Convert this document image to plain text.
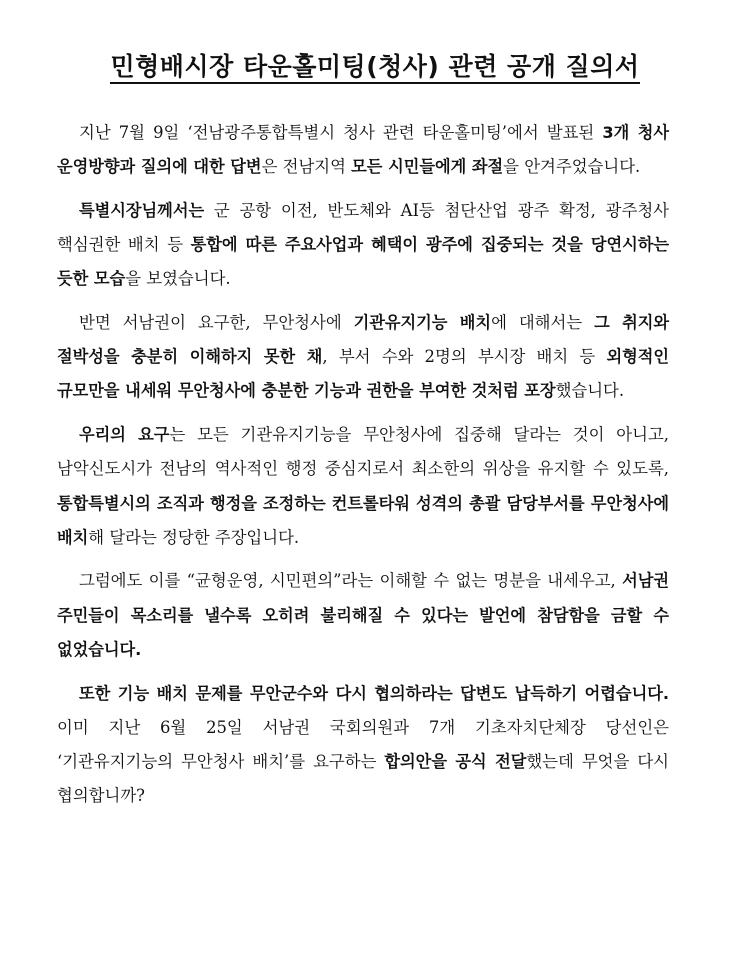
민형배시장 타운홀미팅(청사) 관련 공개 질의서

지난 7월 9일 ‘전남광주통합특별시 청사 관련 타운홀미팅’에서 발표된 3개 청사 운영방향과 질의에 대한 답변은 전남지역 모든 시민들에게 좌절을 안겨주었습니다.

특별시장님께서는 군 공항 이전, 반도체와 AI등 첨단산업 광주 확정, 광주청사 핵심권한 배치 등 통합에 따른 주요사업과 혜택이 광주에 집중되는 것을 당연시하는 듯한 모습을 보였습니다.

반면 서남권이 요구한, 무안청사에 기관유지기능 배치에 대해서는 그 취지와 절박성을 충분히 이해하지 못한 채, 부서 수와 2명의 부시장 배치 등 외형적인 규모만을 내세워 무안청사에 충분한 기능과 권한을 부여한 것처럼 포장했습니다.

우리의 요구는 모든 기관유지기능을 무안청사에 집중해 달라는 것이 아니고, 남악신도시가 전남의 역사적인 행정 중심지로서 최소한의 위상을 유지할 수 있도록, 통합특별시의 조직과 행정을 조정하는 컨트롤타워 성격의 총괄 담당부서를 무안청사에 배치해 달라는 정당한 주장입니다.

그럼에도 이를 “균형운영, 시민편의”라는 이해할 수 없는 명분을 내세우고, 서남권 주민들이 목소리를 낼수록 오히려 불리해질 수 있다는 발언에 참담함을 금할 수 없었습니다.

또한 기능 배치 문제를 무안군수와 다시 협의하라는 답변도 납득하기 어렵습니다. 이미 지난 6월 25일 서남권 국회의원과 7개 기초자치단체장 당선인은 ‘기관유지기능의 무안청사 배치’를 요구하는 합의안을 공식 전달했는데 무엇을 다시 협의합니까?
